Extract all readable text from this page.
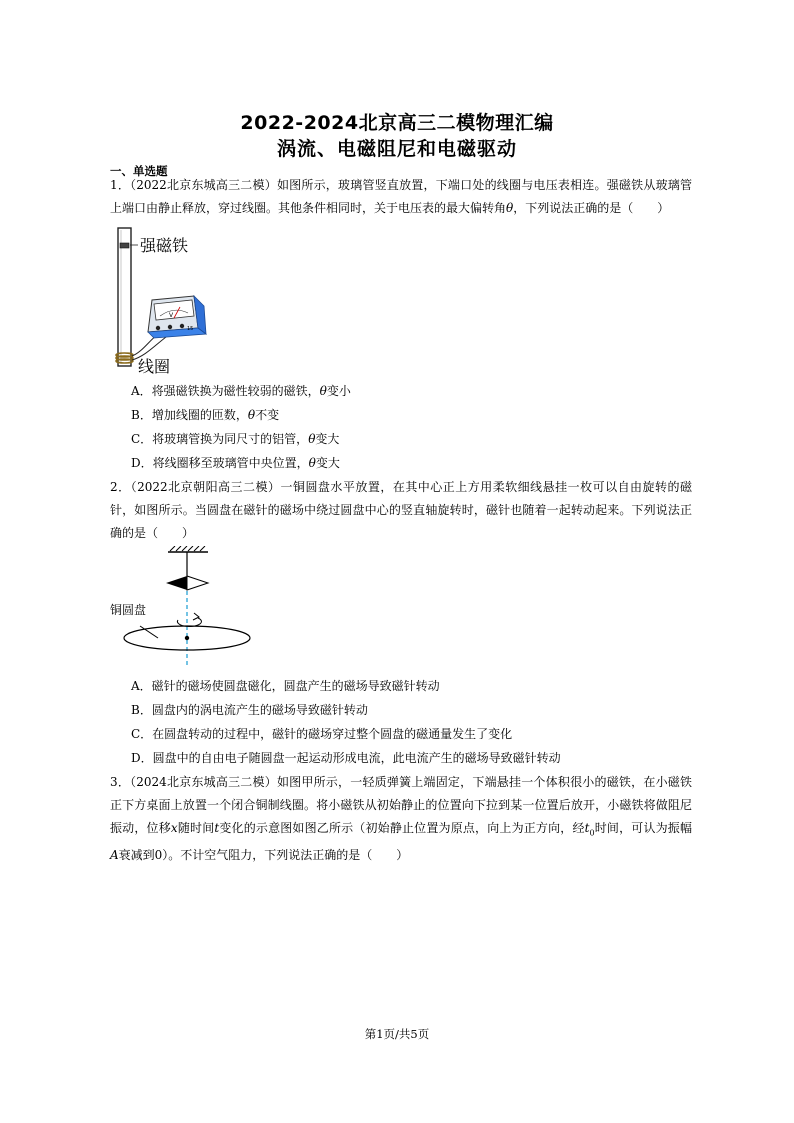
2022-2024北京高三二模物理汇编
涡流、电磁阻尼和电磁驱动
一、单选题
1．（2022北京东城高三二模）如图所示，玻璃管竖直放置，下端口处的线圈与电压表相连。强磁铁从玻璃管上端口由静止释放，穿过线圈。其他条件相同时，关于电压表的最大偏转角θ，下列说法正确的是（　　）
强磁铁
线圈
V
15
A．将强磁铁换为磁性较弱的磁铁，θ变小
B．增加线圈的匝数，θ不变
C．将玻璃管换为同尺寸的铝管，θ变大
D．将线圈移至玻璃管中央位置，θ变大
2．（2022北京朝阳高三二模）一铜圆盘水平放置，在其中心正上方用柔软细线悬挂一枚可以自由旋转的磁针，如图所示。当圆盘在磁针的磁场中绕过圆盘中心的竖直轴旋转时，磁针也随着一起转动起来。下列说法正确的是（　　）
铜圆盘
A．磁针的磁场使圆盘磁化，圆盘产生的磁场导致磁针转动
B．圆盘内的涡电流产生的磁场导致磁针转动
C．在圆盘转动的过程中，磁针的磁场穿过整个圆盘的磁通量发生了变化
D．圆盘中的自由电子随圆盘一起运动形成电流，此电流产生的磁场导致磁针转动
3．（2024北京东城高三二模）如图甲所示，一轻质弹簧上端固定，下端悬挂一个体积很小的磁铁，在小磁铁正下方桌面上放置一个闭合铜制线圈。将小磁铁从初始静止的位置向下拉到某一位置后放开，小磁铁将做阻尼振动，位移x随时间t变化的示意图如图乙所示（初始静止位置为原点，向上为正方向，经$t_0$时间，可认为振幅A衰减到0）。不计空气阻力，下列说法正确的是（　　）
第1页/共5页
